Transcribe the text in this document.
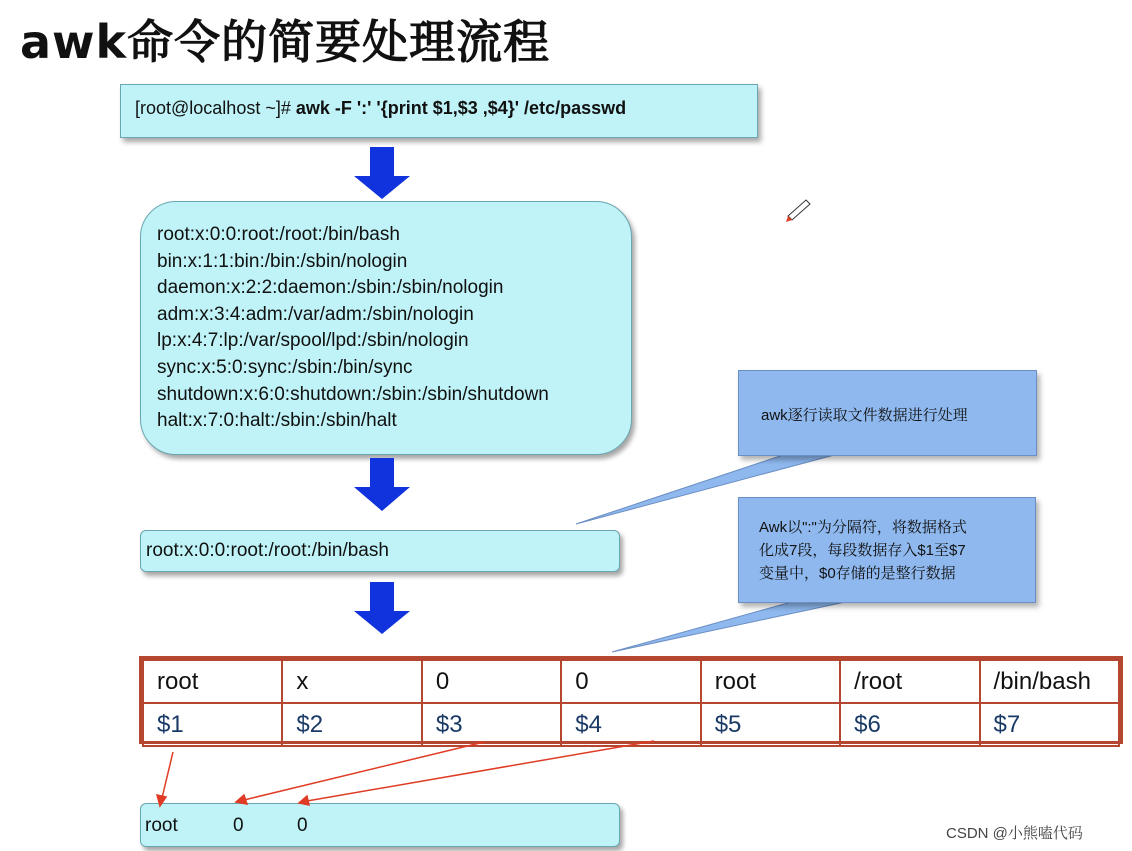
awk命令的简要处理流程
[root@localhost ~]# awk -F ':' '{print $1,$3 ,$4}' /etc/passwd
root:x:0:0:root:/root:/bin/bash
bin:x:1:1:bin:/bin:/sbin/nologin
daemon:x:2:2:daemon:/sbin:/sbin/nologin
adm:x:3:4:adm:/var/adm:/sbin/nologin
lp:x:4:7:lp:/var/spool/lpd:/sbin/nologin
sync:x:5:0:sync:/sbin:/bin/sync
shutdown:x:6:0:shutdown:/sbin:/sbin/shutdown
halt:x:7:0:halt:/sbin:/sbin/halt
root:x:0:0:root:/root:/bin/bash
root	x	0	0	root	/root	/bin/bash
$1	$2	$3	$4	$5	$6	$7
root	0	0
awk逐行读取文件数据进行处理
Awk以":"为分隔符，将数据格式
化成7段，每段数据存入$1至$7
变量中，$0存储的是整行数据
CSDN @小熊嗑代码
